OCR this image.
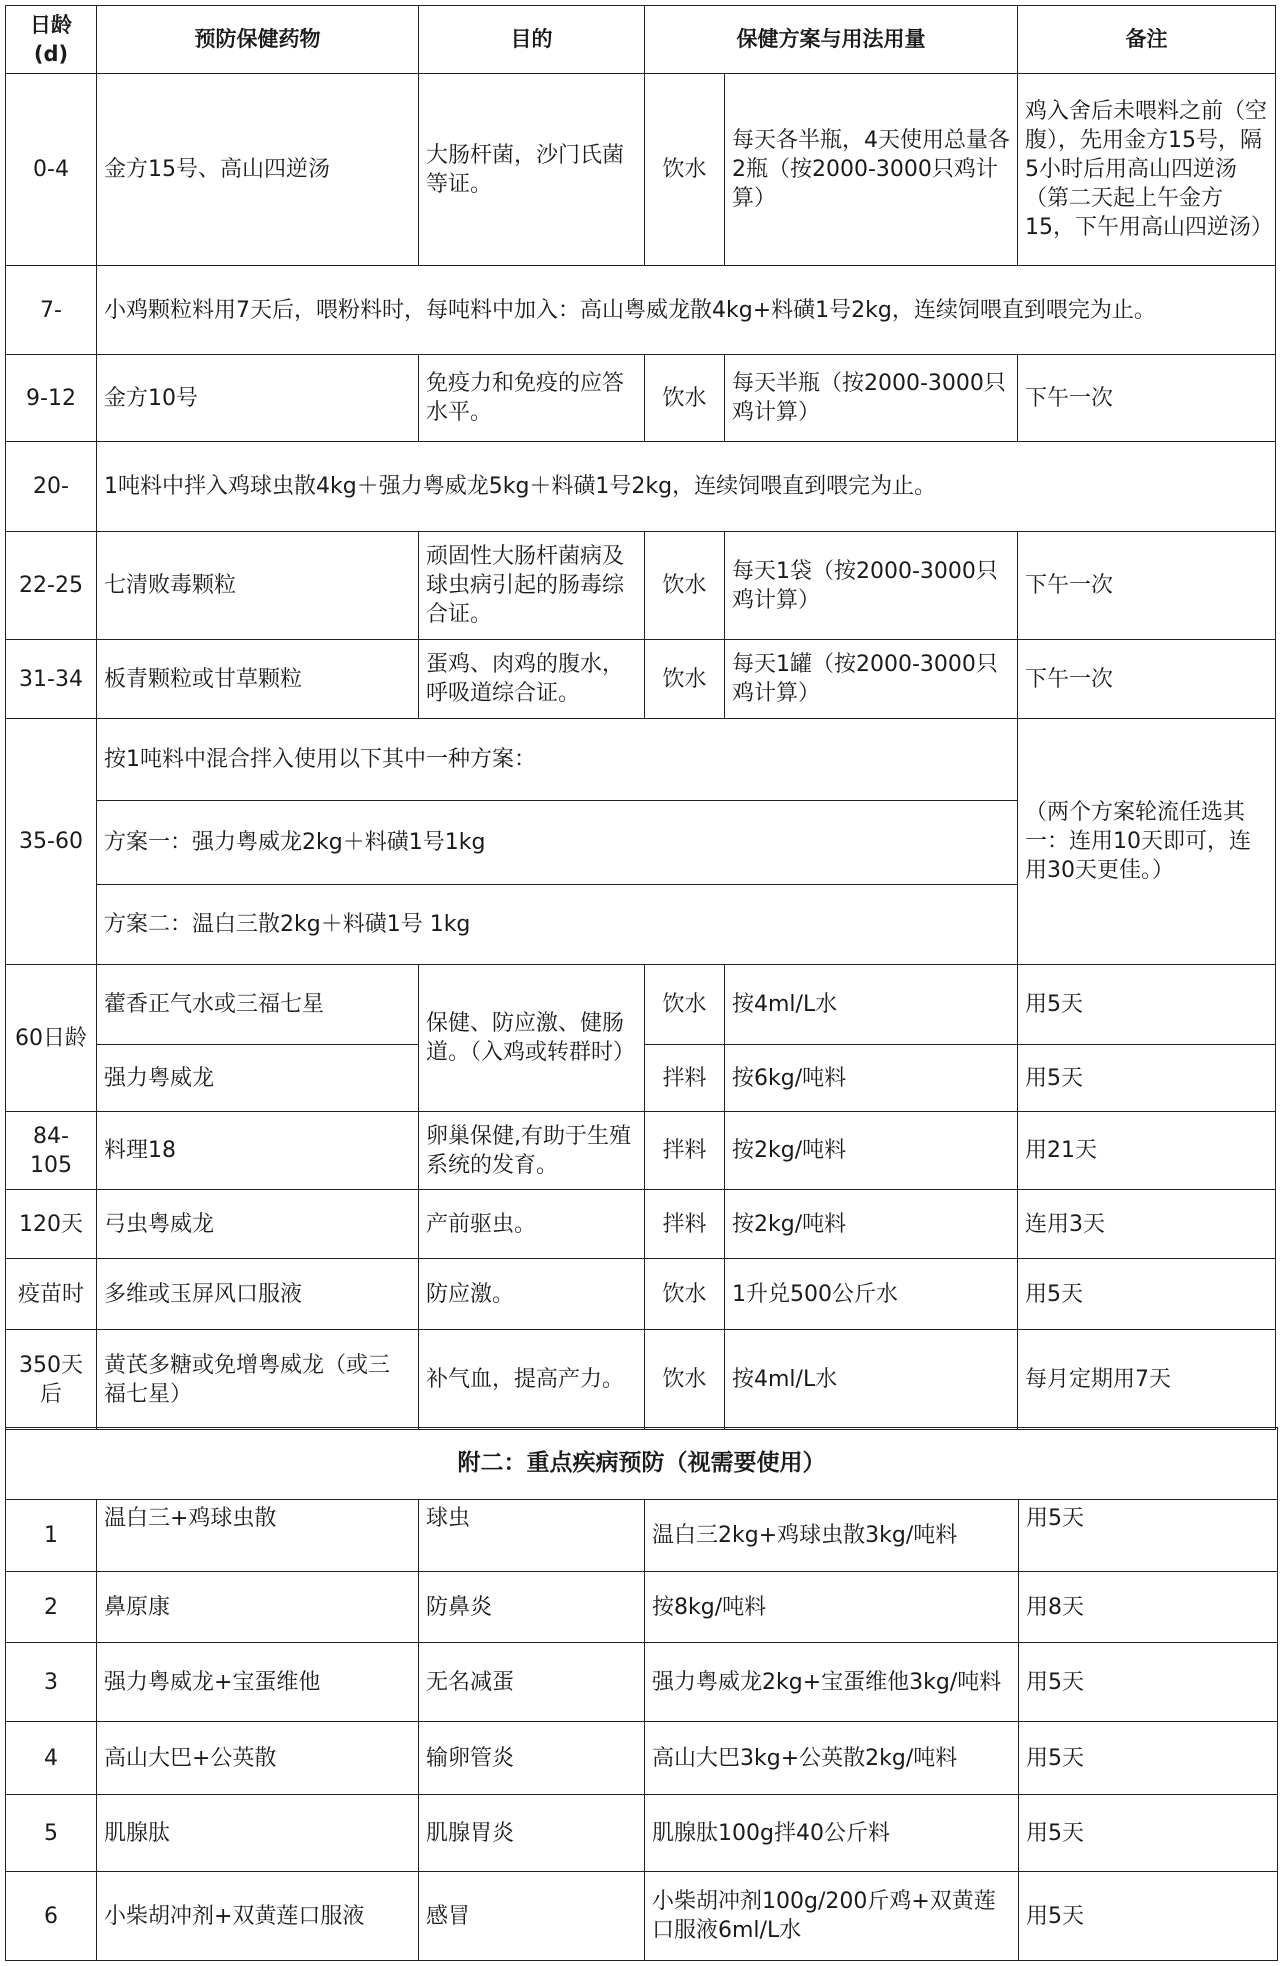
日龄(d)	预防保健药物	目的	保健方案与用法用量		备注
0-4	金方15号、高山四逆汤	大肠杆菌，沙门氏菌等证。	饮水	每天各半瓶，4天使用总量各2瓶（按2000-3000只鸡计算）	鸡入舍后未喂料之前（空腹），先用金方15号，隔5小时后用高山四逆汤（第二天起上午金方15，下午用高山四逆汤）
7-	小鸡颗粒料用7天后，喂粉料时，每吨料中加入：高山粤威龙散4kg+料磺1号2kg，连续饲喂直到喂完为止。				
9-12	金方10号	免疫力和免疫的应答水平。	饮水	每天半瓶（按2000-3000只鸡计算）	下午一次
20-	1吨料中拌入鸡球虫散4kg＋强力粤威龙5kg＋料磺1号2kg，连续饲喂直到喂完为止。				
22-25	七清败毒颗粒	顽固性大肠杆菌病及球虫病引起的肠毒综合证。	饮水	每天1袋（按2000-3000只鸡计算）	下午一次
31-34	板青颗粒或甘草颗粒	蛋鸡、肉鸡的腹水，呼吸道综合证。	饮水	每天1罐（按2000-3000只鸡计算）	下午一次
35-60	按1吨料中混合拌入使用以下其中一种方案：				（两个方案轮流任选其一：连用10天即可，连用30天更佳。）
	方案一：强力粤威龙2kg＋料磺1号1kg				
	方案二：温白三散2kg＋料磺1号 1kg				
60日龄	藿香正气水或三福七星	保健、防应激、健肠道。（入鸡或转群时）	饮水	按4ml/L水	用5天
	强力粤威龙		拌料	按6kg/吨料	用5天
84-105	料理18	卵巢保健,有助于生殖系统的发育。	拌料	按2kg/吨料	用21天
120天	弓虫粤威龙	产前驱虫。	拌料	按2kg/吨料	连用3天
疫苗时	多维或玉屏风口服液	防应激。	饮水	1升兑500公斤水	用5天
350天后	黄芪多糖或免增粤威龙（或三福七星）	补气血，提高产力。	饮水	按4ml/L水	每月定期用7天
附二：重点疾病预防（视需要使用）				
1	温白三+鸡球虫散	球虫	温白三2kg+鸡球虫散3kg/吨料	用5天
2	鼻原康	防鼻炎	按8kg/吨料	用8天
3	强力粤威龙+宝蛋维他	无名减蛋	强力粤威龙2kg+宝蛋维他3kg/吨料	用5天
4	高山大巴+公英散	输卵管炎	高山大巴3kg+公英散2kg/吨料	用5天
5	肌腺肽	肌腺胃炎	肌腺肽100g拌40公斤料	用5天
6	小柴胡冲剂+双黄莲口服液	感冒	小柴胡冲剂100g/200斤鸡+双黄莲口服液6ml/L水	用5天
